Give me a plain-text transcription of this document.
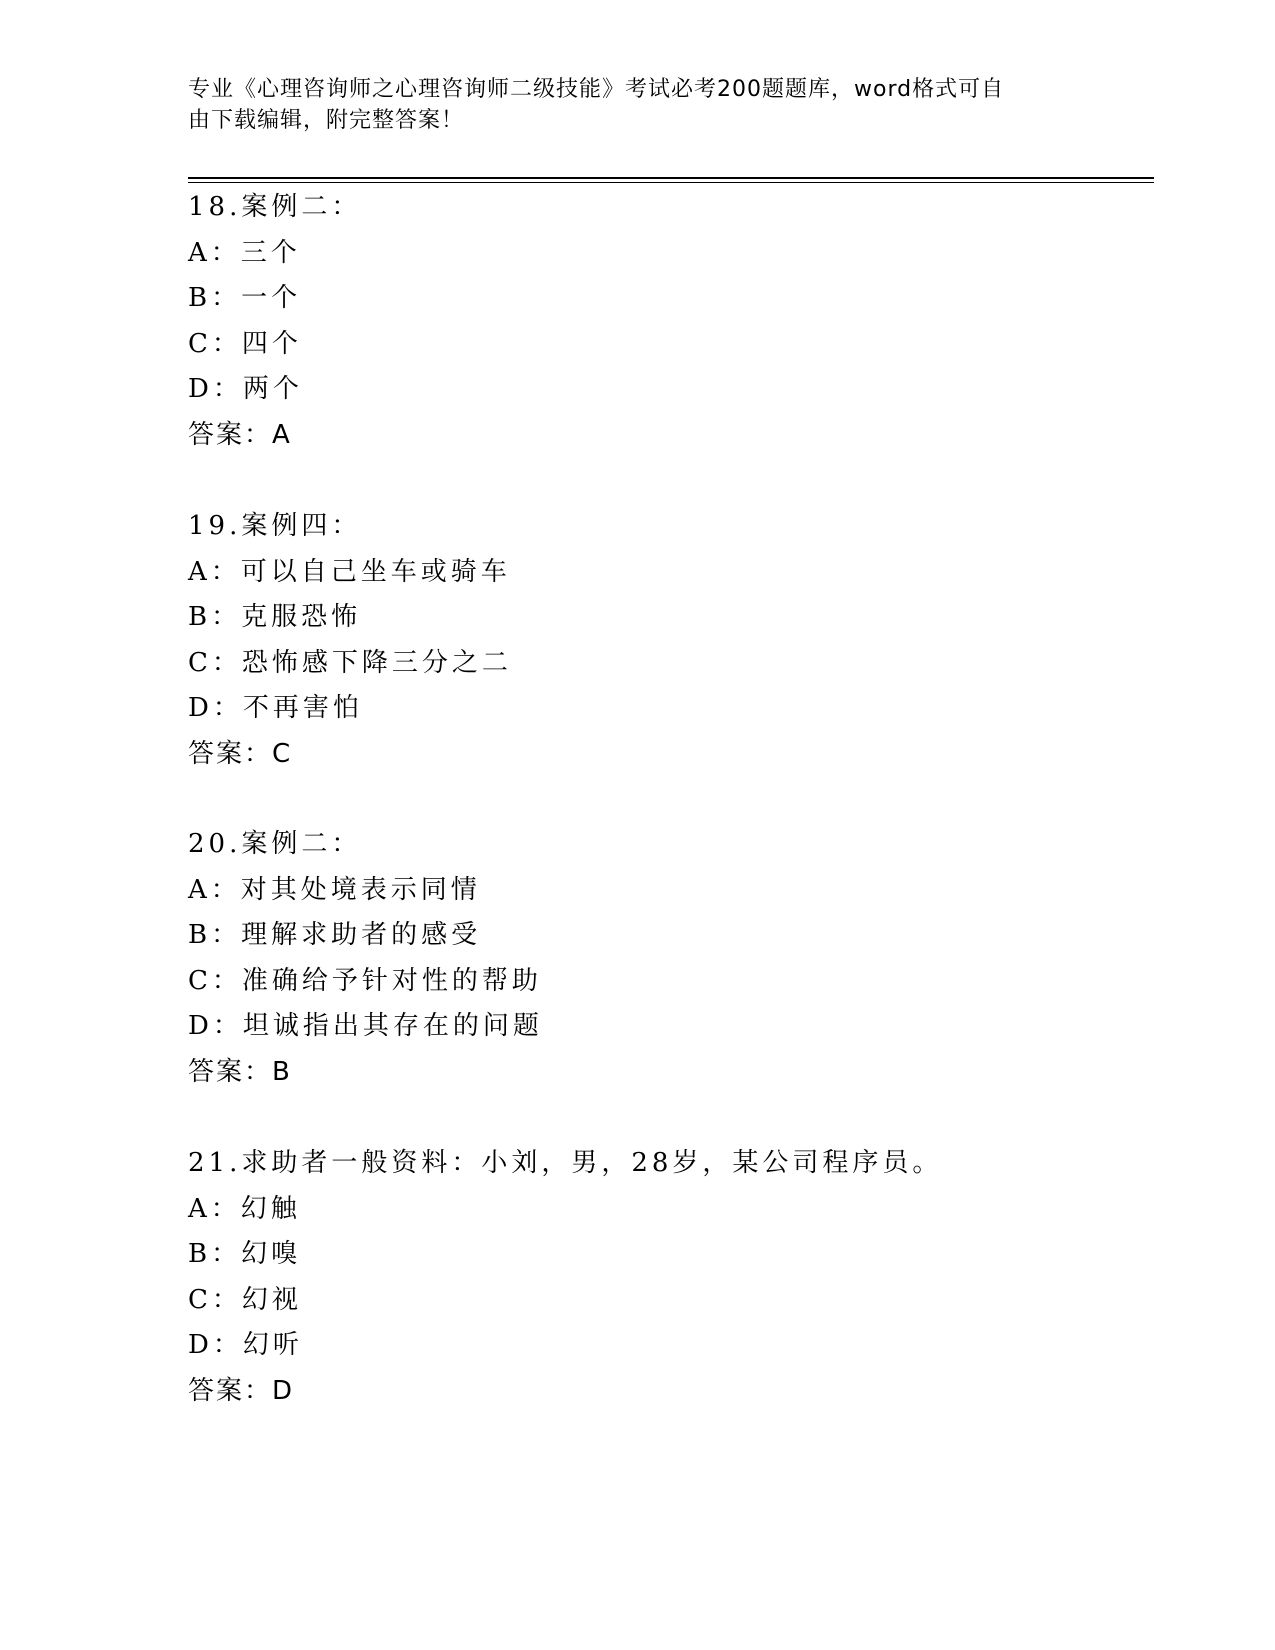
专业《心理咨询师之心理咨询师二级技能》考试必考200题题库，word格式可自
由下载编辑，附完整答案！
18.案例二：
A：三个
B：一个
C：四个
D：两个
答案：A
19.案例四：
A：可以自己坐车或骑车
B：克服恐怖
C：恐怖感下降三分之二
D：不再害怕
答案：C
20.案例二：
A：对其处境表示同情
B：理解求助者的感受
C：准确给予针对性的帮助
D：坦诚指出其存在的问题
答案：B
21.求助者一般资料：小刘，男，28岁，某公司程序员。
A：幻触
B：幻嗅
C：幻视
D：幻听
答案：D
